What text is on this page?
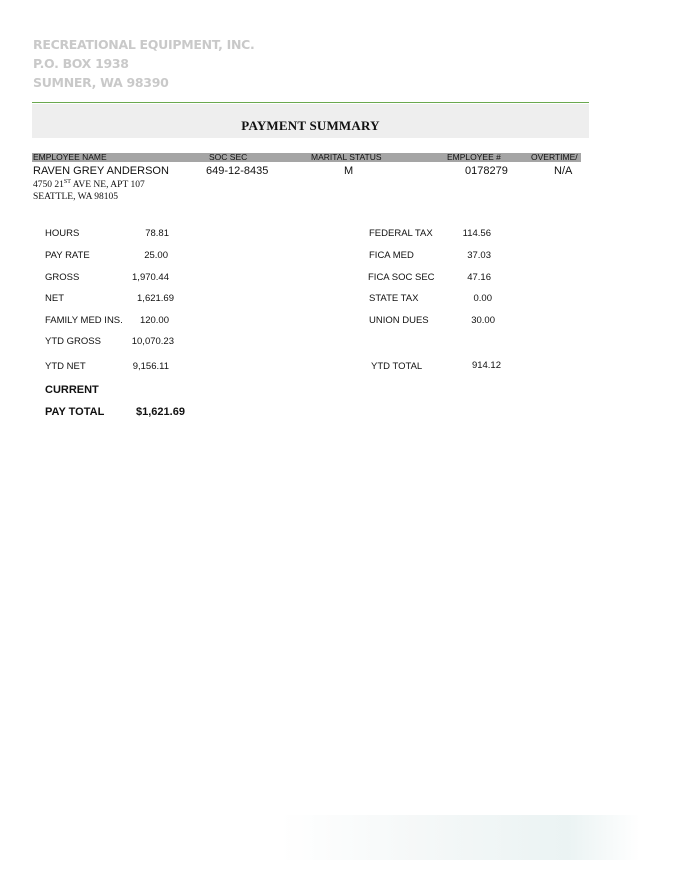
RECREATIONAL EQUIPMENT, INC.
P.O. BOX 1938
SUMNER, WA 98390
PAYMENT SUMMARY
EMPLOYEE NAME	SOC SEC	MARITAL STATUS	EMPLOYEE #	OVERTIME/
RAVEN GREY ANDERSON	649-12-8435	M	0178279	N/A
4750 21ST AVE NE, APT 107
SEATTLE, WA 98105
HOURS	78.81
PAY RATE	25.00
GROSS	1,970.44
NET	1,621.69
FAMILY MED INS. 120.00
YTD GROSS	10,070.23
YTD NET	9,156.11
FEDERAL TAX	114.56
FICA MED	37.03
FICA SOC SEC	47.16
STATE TAX	0.00
UNION DUES	30.00
YTD TOTAL	914.12
CURRENT
PAY TOTAL	$1,621.69
